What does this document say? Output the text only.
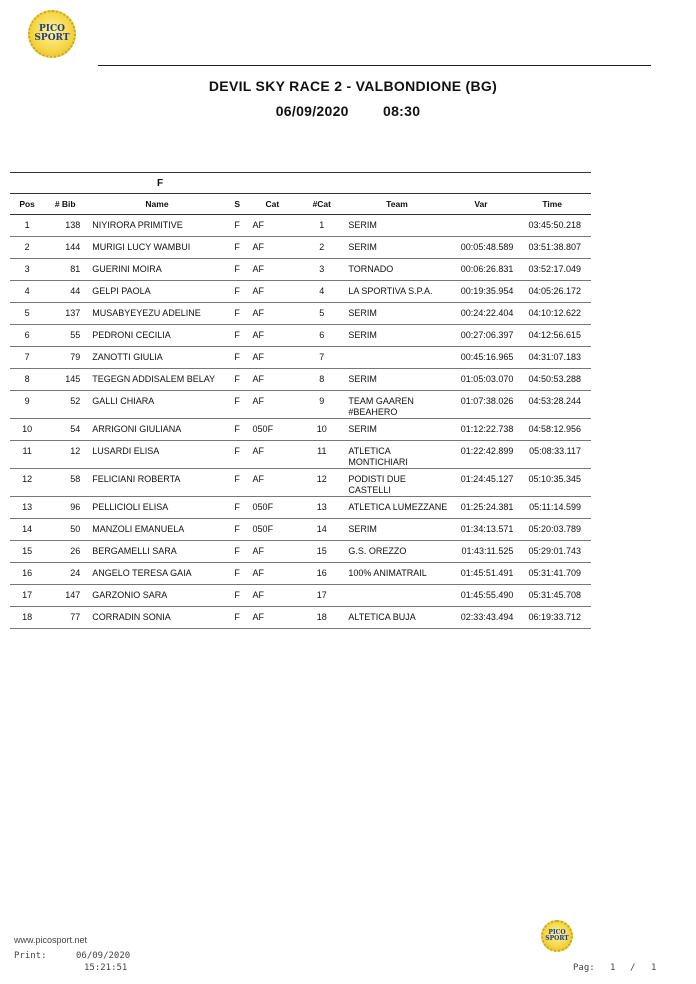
PICO
SPORT
DEVIL SKY RACE 2 - VALBONDIONE (BG)
06/09/2020 08:30
		F						
Pos	# Bib	Name	S	Cat	#Cat	Team	Var	Time
1	138	NIYIRORA PRIMITIVE	F	AF	1	SERIM		03:45:50.218
2	144	MURIGI LUCY WAMBUI	F	AF	2	SERIM	00:05:48.589	03:51:38.807
3	81	GUERINI MOIRA	F	AF	3	TORNADO	00:06:26.831	03:52:17.049
4	44	GELPI PAOLA	F	AF	4	LA SPORTIVA S.P.A.	00:19:35.954	04:05:26.172
5	137	MUSABYEYEZU ADELINE	F	AF	5	SERIM	00:24:22.404	04:10:12.622
6	55	PEDRONI CECILIA	F	AF	6	SERIM	00:27:06.397	04:12:56.615
7	79	ZANOTTI GIULIA	F	AF	7		00:45:16.965	04:31:07.183
8	145	TEGEGN ADDISALEM BELAY	F	AF	8	SERIM	01:05:03.070	04:50:53.288
9	52	GALLI CHIARA	F	AF	9	TEAM GAAREN #BEAHERO	01:07:38.026	04:53:28.244
10	54	ARRIGONI GIULIANA	F	050F	10	SERIM	01:12:22.738	04:58:12.956
11	12	LUSARDI ELISA	F	AF	11	ATLETICA MONTICHIARI	01:22:42.899	05:08:33.117
12	58	FELICIANI ROBERTA	F	AF	12	PODISTI DUE CASTELLI	01:24:45.127	05:10:35.345
13	96	PELLICIOLI ELISA	F	050F	13	ATLETICA LUMEZZANE	01:25:24.381	05:11:14.599
14	50	MANZOLI EMANUELA	F	050F	14	SERIM	01:34:13.571	05:20:03.789
15	26	BERGAMELLI SARA	F	AF	15	G.S. OREZZO	01:43:11.525	05:29:01.743
16	24	ANGELO TERESA GAIA	F	AF	16	100% ANIMATRAIL	01:45:51.491	05:31:41.709
17	147	GARZONIO SARA	F	AF	17		01:45:55.490	05:31:45.708
18	77	CORRADIN SONIA	F	AF	18	ALTETICA BUJA	02:33:43.494	06:19:33.712
PICO
SPORT
www.picosport.net
Print:	06/09/2020
15:21:51	Pag: 1 / 1
